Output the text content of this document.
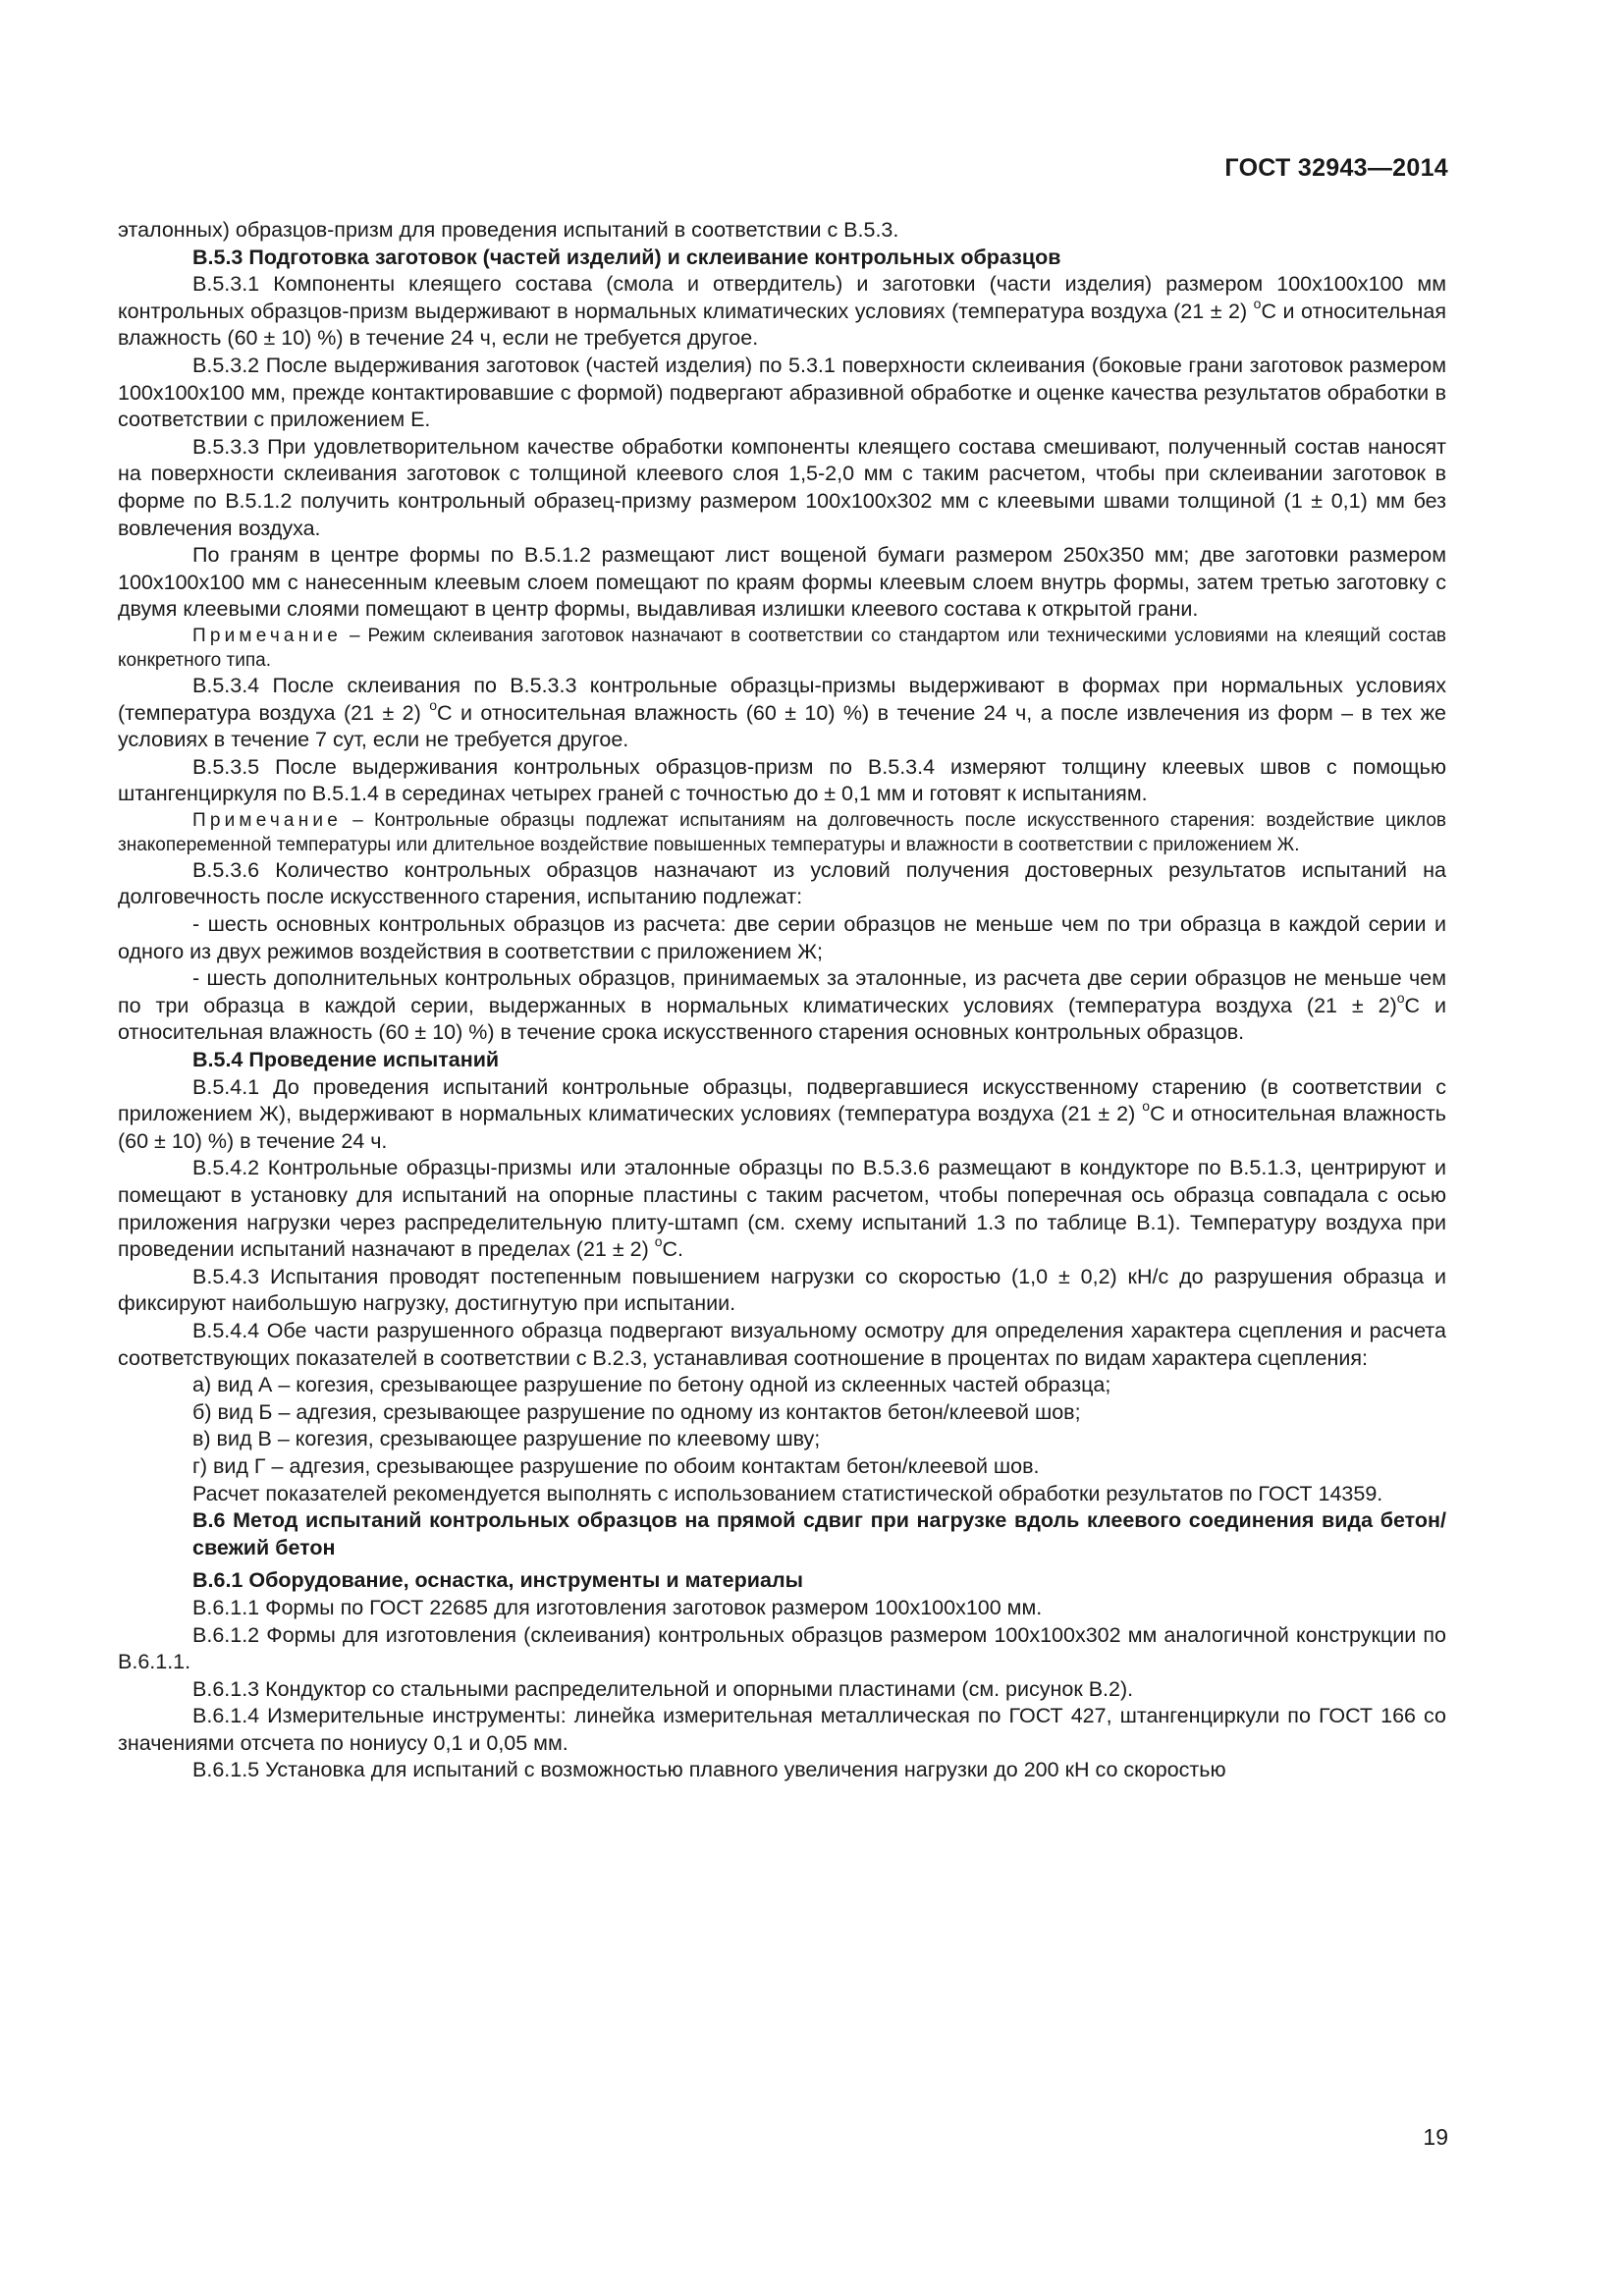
ГОСТ 32943—2014

эталонных) образцов-призм для проведения испытаний в соответствии с В.5.3.

В.5.3 Подготовка заготовок (частей изделий) и склеивание контрольных образцов

В.5.3.1 Компоненты клеящего состава (смола и отвердитель) и заготовки (части изделия) размером 100х100х100 мм контрольных образцов-призм выдерживают в нормальных климатических условиях (температура воздуха (21 ± 2) $^о$С и относительная влажность (60 ± 10) %) в течение 24 ч, если не требуется другое.

В.5.3.2 После выдерживания заготовок (частей изделия) по 5.3.1 поверхности склеивания (боковые грани заготовок размером 100х100х100 мм, прежде контактировавшие с формой) подвергают абразивной обработке и оценке качества результатов обработки в соответствии с приложением Е.

В.5.3.3 При удовлетворительном качестве обработки компоненты клеящего состава смешивают, полученный состав наносят на поверхности склеивания заготовок с толщиной клеевого слоя 1,5-2,0 мм с таким расчетом, чтобы при склеивании заготовок в форме по В.5.1.2 получить контрольный образец-призму размером 100х100х302 мм с клеевыми швами толщиной (1 ± 0,1) мм без вовлечения воздуха.

По граням в центре формы по В.5.1.2 размещают лист вощеной бумаги размером 250х350 мм; две заготовки размером 100х100х100 мм с нанесенным клеевым слоем помещают по краям формы клеевым слоем внутрь формы, затем третью заготовку с двумя клеевыми слоями помещают в центр формы, выдавливая излишки клеевого состава к открытой грани.

Примечание – Режим склеивания заготовок назначают в соответствии со стандартом или техническими условиями на клеящий состав конкретного типа.

В.5.3.4 После склеивания по В.5.3.3 контрольные образцы-призмы выдерживают в формах при нормальных условиях (температура воздуха (21 ± 2) $^о$С и относительная влажность (60 ± 10) %) в течение 24 ч, а после извлечения из форм – в тех же условиях в течение 7 сут, если не требуется другое.

В.5.3.5 После выдерживания контрольных образцов-призм по В.5.3.4 измеряют толщину клеевых швов с помощью штангенциркуля по В.5.1.4 в серединах четырех граней с точностью до ± 0,1 мм и готовят к испытаниям.

Примечание – Контрольные образцы подлежат испытаниям на долговечность после искусственного старения: воздействие циклов знакопеременной температуры или длительное воздействие повышенных температуры и влажности в соответствии с приложением Ж.

В.5.3.6 Количество контрольных образцов назначают из условий получения достоверных результатов испытаний на долговечность после искусственного старения, испытанию подлежат:

- шесть основных контрольных образцов из расчета: две серии образцов не меньше чем по три образца в каждой серии и одного из двух режимов воздействия в соответствии с приложением Ж;

- шесть дополнительных контрольных образцов, принимаемых за эталонные, из расчета две серии образцов не меньше чем по три образца в каждой серии, выдержанных в нормальных климатических условиях (температура воздуха $(21 \pm 2)^оС$ и относительная влажность (60 ± 10) %) в течение срока искусственного старения основных контрольных образцов.

В.5.4 Проведение испытаний

В.5.4.1 До проведения испытаний контрольные образцы, подвергавшиеся искусственному старению (в соответствии с приложением Ж), выдерживают в нормальных климатических условиях (температура воздуха (21 ± 2) $^о$С и относительная влажность (60 ± 10) %) в течение 24 ч.

В.5.4.2 Контрольные образцы-призмы или эталонные образцы по В.5.3.6 размещают в кондукторе по В.5.1.3, центрируют и помещают в установку для испытаний на опорные пластины с таким расчетом, чтобы поперечная ось образца совпадала с осью приложения нагрузки через распределительную плиту-штамп (см. схему испытаний 1.3 по таблице В.1). Температуру воздуха при проведении испытаний назначают в пределах (21 ± 2) $^о$С.

В.5.4.3 Испытания проводят постепенным повышением нагрузки со скоростью (1,0 ± 0,2) кН/с до разрушения образца и фиксируют наибольшую нагрузку, достигнутую при испытании.

В.5.4.4 Обе части разрушенного образца подвергают визуальному осмотру для определения характера сцепления и расчета соответствующих показателей в соответствии с В.2.3, устанавливая соотношение в процентах по видам характера сцепления:

а) вид А – когезия, срезывающее разрушение по бетону одной из склеенных частей образца;

б) вид Б – адгезия, срезывающее разрушение по одному из контактов бетон/клеевой шов;

в) вид В – когезия, срезывающее разрушение по клеевому шву;

г) вид Г – адгезия, срезывающее разрушение по обоим контактам бетон/клеевой шов.

Расчет показателей рекомендуется выполнять с использованием статистической обработки результатов по ГОСТ 14359.

В.6 Метод испытаний контрольных образцов на прямой сдвиг при нагрузке вдоль клеевого соединения вида бетон/свежий бетон

В.6.1 Оборудование, оснастка, инструменты и материалы

В.6.1.1 Формы по ГОСТ 22685 для изготовления заготовок размером 100х100х100 мм.

В.6.1.2 Формы для изготовления (склеивания) контрольных образцов размером 100х100х302 мм аналогичной конструкции по В.6.1.1.

В.6.1.3 Кондуктор со стальными распределительной и опорными пластинами (см. рисунок В.2).

В.6.1.4 Измерительные инструменты: линейка измерительная металлическая по ГОСТ 427, штангенциркули по ГОСТ 166 со значениями отсчета по нониусу 0,1 и 0,05 мм.

В.6.1.5 Установка для испытаний с возможностью плавного увеличения нагрузки до 200 кН со скоростью

19
